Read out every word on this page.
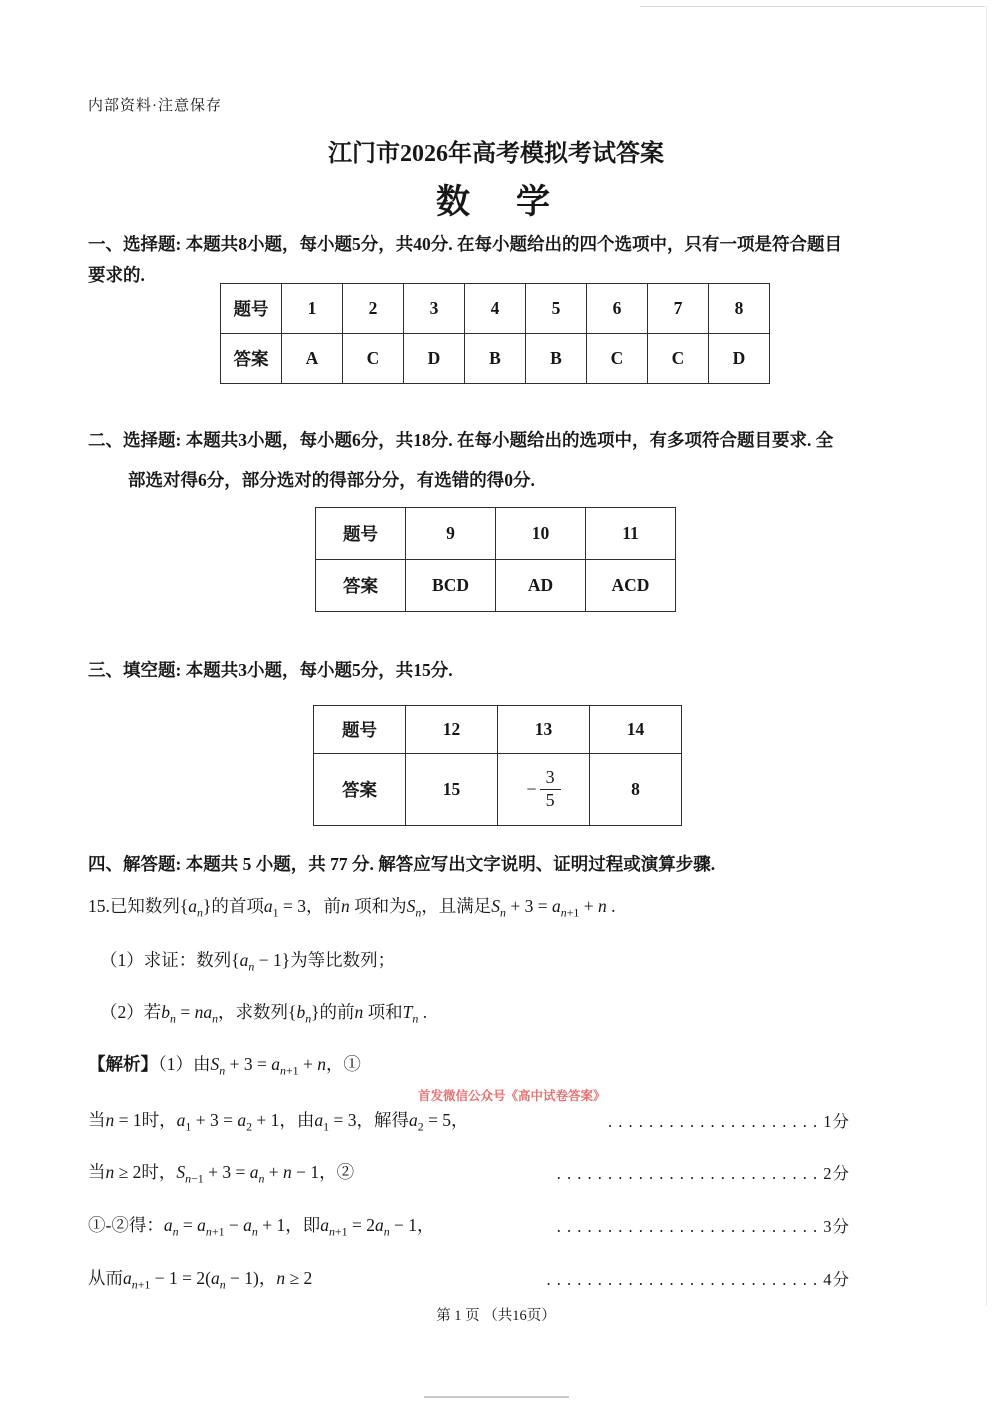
内部资料·注意保存
江门市2026年高考模拟考试答案
数　学
一、选择题: 本题共8小题，每小题5分，共40分. 在每小题给出的四个选项中，只有一项是符合题目
要求的.
题号	1	2	3	4	5	6	7	8
答案	A	C	D	B	B	C	C	D
二、选择题: 本题共3小题，每小题6分，共18分. 在每小题给出的选项中，有多项符合题目要求. 全
部选对得6分，部分选对的得部分分，有选错的得0分.
题号	9	10	11
答案	BCD	AD	ACD
三、填空题: 本题共3小题，每小题5分，共15分.
题号	12	13	14
答案	15	− $\frac{3}{5}$	8
四、解答题: 本题共 5 小题，共 77 分. 解答应写出文字说明、证明过程或演算步骤.
15.已知数列$\{a_n\}$的首项$a_1 = 3$，前n 项和为$S_n$，且满足$S_n + 3 = a_{n+1} + n$ .
（1）求证：数列$\{a_n - 1\}$为等比数列；
（2）若$b_n = na_n$，求数列$\{b_n\}$的前n 项和$T_n$ .
【解析】（1）由$S_n + 3 = a_{n+1} + n$，①
首发微信公众号《高中试卷答案》
当n = 1时，$a_1 + 3 = a_2 + 1$，由$a_1 = 3$，解得$a_2 = 5$，	. . . . . . . . . . . . . . . . . . . . . 1分
当n ≥ 2时，$S_{n-1} + 3 = a_n + n - 1$，②	. . . . . . . . . . . . . . . . . . . . . . . . . . 2分
①-②得：$a_n = a_{n+1} - a_n + 1$，即$a_{n+1} = 2a_n - 1$，	. . . . . . . . . . . . . . . . . . . . . . . . . . 3分
从而$a_{n+1} - 1 = 2(a_n - 1)$，n ≥ 2	. . . . . . . . . . . . . . . . . . . . . . . . . . . 4分
第 1 页 （共16页）
